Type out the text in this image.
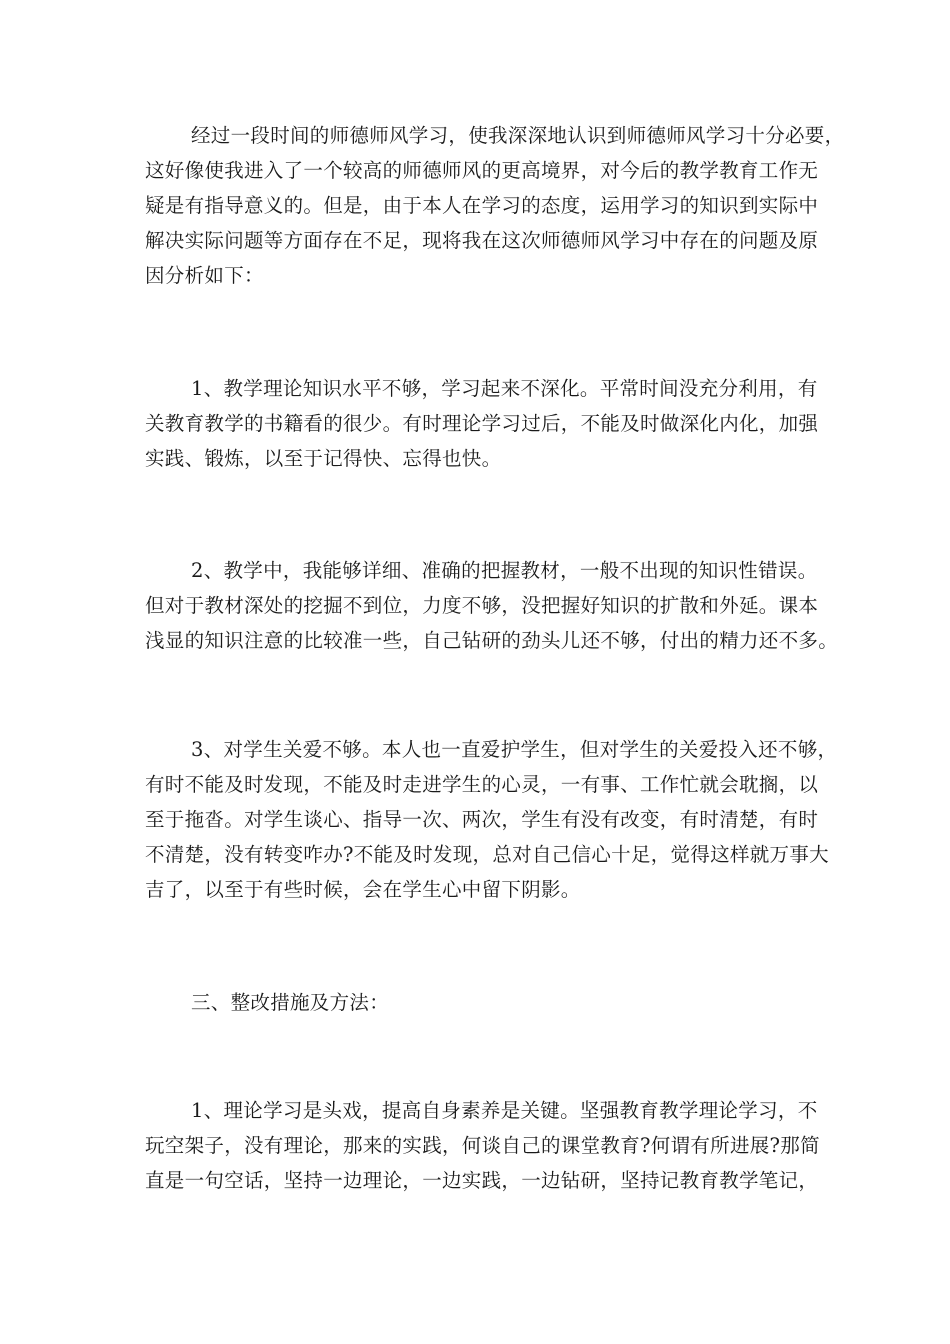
经过一段时间的师德师风学习，使我深深地认识到师德师风学习十分必要，
这好像使我进入了一个较高的师德师风的更高境界，对今后的教学教育工作无
疑是有指导意义的。但是，由于本人在学习的态度，运用学习的知识到实际中
解决实际问题等方面存在不足，现将我在这次师德师风学习中存在的问题及原
因分析如下：
1、教学理论知识水平不够，学习起来不深化。平常时间没充分利用，有
关教育教学的书籍看的很少。有时理论学习过后，不能及时做深化内化，加强
实践、锻炼，以至于记得快、忘得也快。
2、教学中，我能够详细、准确的把握教材，一般不出现的知识性错误。
但对于教材深处的挖掘不到位，力度不够，没把握好知识的扩散和外延。课本
浅显的知识注意的比较准一些，自己钻研的劲头儿还不够，付出的精力还不多。
3、对学生关爱不够。本人也一直爱护学生，但对学生的关爱投入还不够，
有时不能及时发现，不能及时走进学生的心灵，一有事、工作忙就会耽搁，以
至于拖沓。对学生谈心、指导一次、两次，学生有没有改变，有时清楚，有时
不清楚，没有转变咋办?不能及时发现，总对自己信心十足，觉得这样就万事大
吉了，以至于有些时候，会在学生心中留下阴影。
三、整改措施及方法：
1、理论学习是头戏，提高自身素养是关键。坚强教育教学理论学习，不
玩空架子，没有理论，那来的实践，何谈自己的课堂教育?何谓有所进展?那简
直是一句空话，坚持一边理论，一边实践，一边钻研，坚持记教育教学笔记，
